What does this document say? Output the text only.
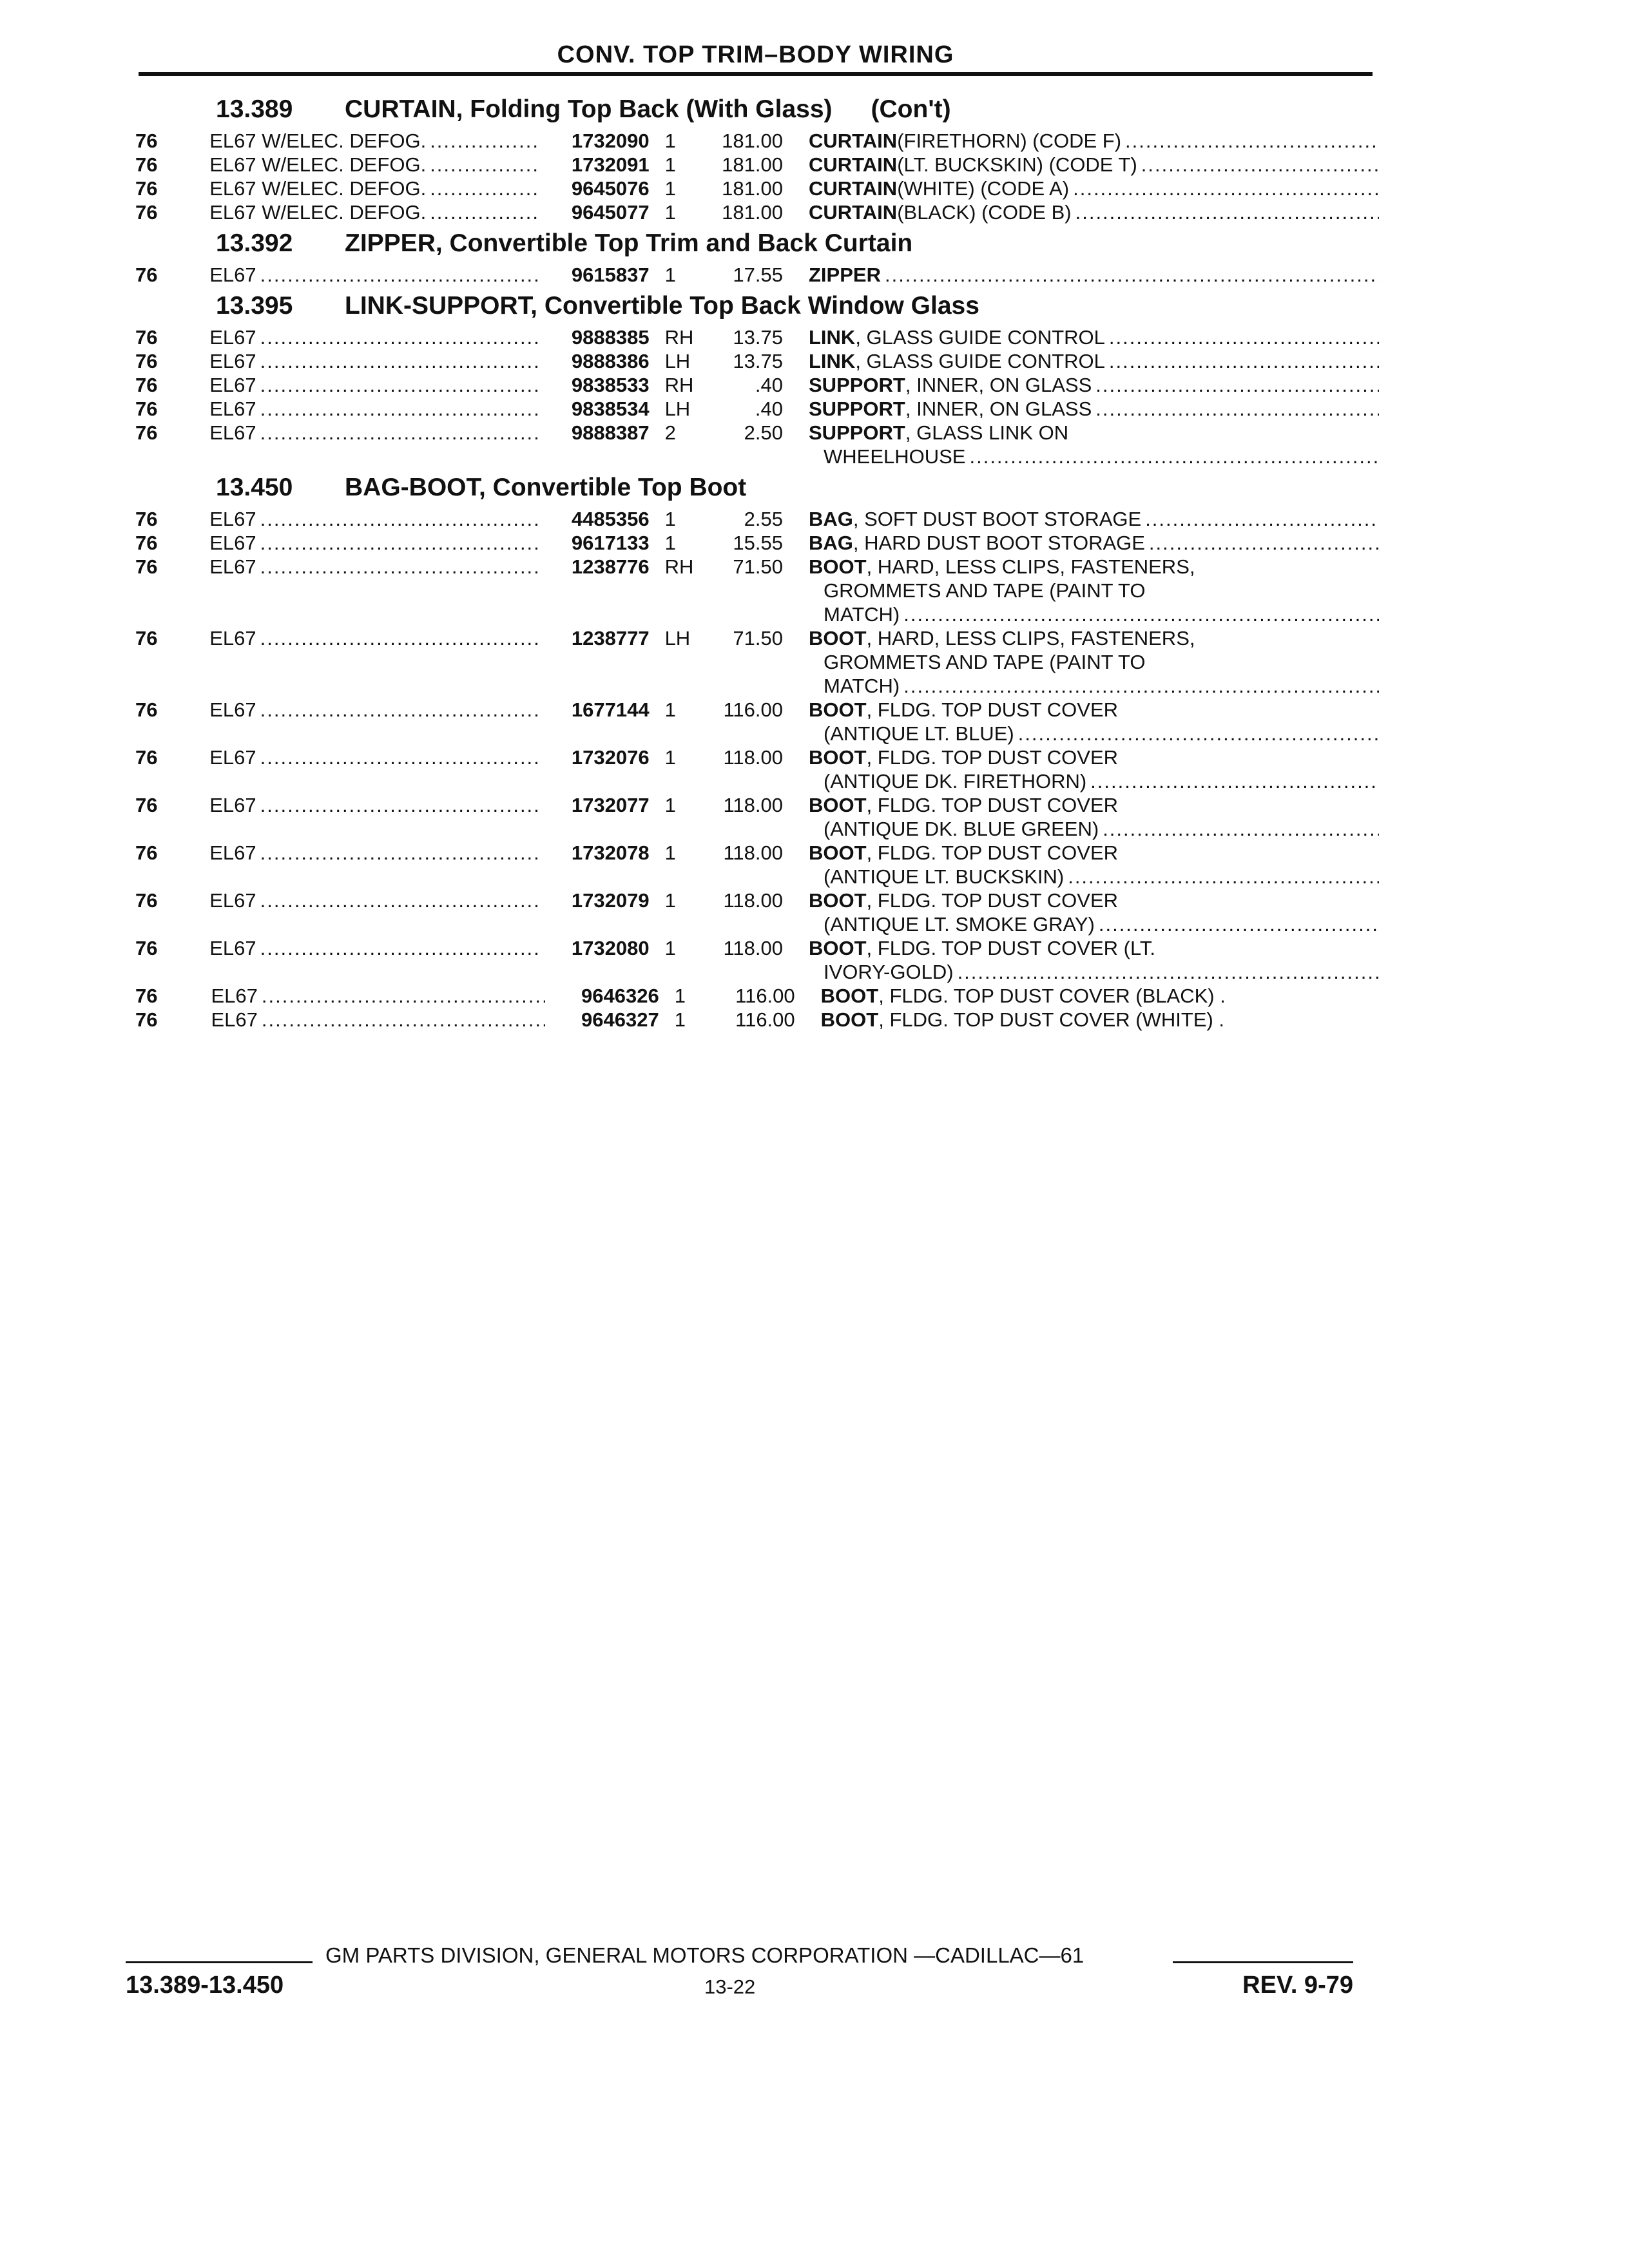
CONV. TOP TRIM–BODY WIRING
13.389 CURTAIN, Folding Top Back (With Glass) (Con't)
76	EL67 W/ELEC. DEFOG. .....	1732090 1	181.00 CURTAIN (FIRETHORN) (CODE F)
.....
76	EL67 W/ELEC. DEFOG. .....	1732091 1	181.00 CURTAIN (LT. BUCKSKIN) (CODE T)
.....
76	EL67 W/ELEC. DEFOG. .....	9645076 1	181.00 CURTAIN (WHITE) (CODE A)
.....
76	EL67 W/ELEC. DEFOG. .....	9645077 1	181.00 CURTAIN (BLACK) (CODE B)
.....
13.392 ZIPPER, Convertible Top Trim and Back Curtain
76	EL67 .....	9615837 1	17.55 ZIPPER
.....
13.395 LINK-SUPPORT, Convertible Top Back Window Glass
76	EL67 .....	9888385 RH	13.75 LINK , GLASS GUIDE CONTROL
.....
76	EL67 .....	9888386 LH	13.75 LINK , GLASS GUIDE CONTROL
.....
76	EL67 .....	9838533 RH	.40 SUPPORT , INNER, ON GLASS
.....
76	EL67 .....	9838534 LH	.40 SUPPORT , INNER, ON GLASS
.....
76	EL67 .....	9888387 2	2.50 SUPPORT , GLASS LINK ON
WHEELHOUSE
.....
13.450 BAG-BOOT, Convertible Top Boot
76	EL67 .....	4485356 1	2.55 BAG , SOFT DUST BOOT STORAGE
.....
76	EL67 .....	9617133 1	15.55 BAG , HARD DUST BOOT STORAGE
.....
76	EL67 .....	1238776 RH	71.50 BOOT , HARD, LESS CLIPS, FASTENERS,
GROMMETS AND TAPE (PAINT TO
MATCH)
.....
76	EL67 .....	1238777 LH	71.50 BOOT , HARD, LESS CLIPS, FASTENERS,
GROMMETS AND TAPE (PAINT TO
MATCH)
.....
76	EL67 .....	1677144 1	116.00 BOOT , FLDG. TOP DUST COVER
(ANTIQUE LT. BLUE)
.....
76	EL67 .....	1732076 1	118.00 BOOT , FLDG. TOP DUST COVER
(ANTIQUE DK. FIRETHORN)
.....
76	EL67 .....	1732077 1	118.00 BOOT , FLDG. TOP DUST COVER
(ANTIQUE DK. BLUE GREEN)
.....
76	EL67 .....	1732078 1	118.00 BOOT , FLDG. TOP DUST COVER
(ANTIQUE LT. BUCKSKIN)
.....
76	EL67 .....	1732079 1	118.00 BOOT , FLDG. TOP DUST COVER
(ANTIQUE LT. SMOKE GRAY)
.....
76	EL67 .....	1732080 1	118.00 BOOT , FLDG. TOP DUST COVER (LT.
IVORY-GOLD)
.....
76	EL67 .....	9646326 1	116.00 BOOT , FLDG. TOP DUST COVER (BLACK) .
76	EL67 .....	9646327 1	116.00 BOOT , FLDG. TOP DUST COVER (WHITE) .
GM PARTS DIVISION, GENERAL MOTORS CORPORATION —CADILLAC—61
13.389-13.450	13-22	REV. 9-79
